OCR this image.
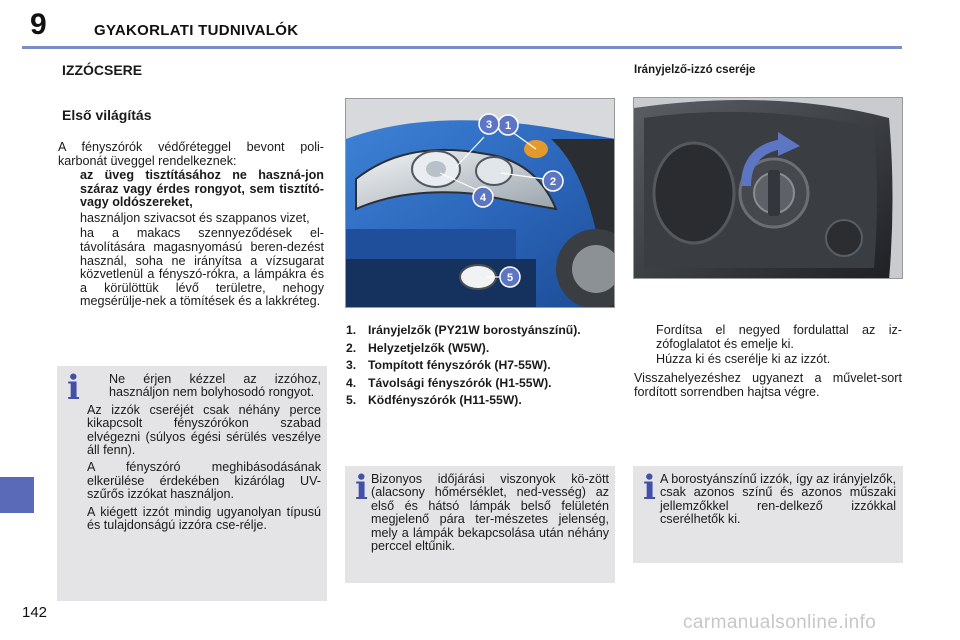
9	GYAKORLATI TUDNIVALÓK
IZZÓCSERE
Első világítás
A fényszórók védőréteggel bevont poli-karbonát üveggel rendelkeznek:
az üveg tisztításához ne haszná-jon száraz vagy érdes rongyot, sem tisztító- vagy oldószereket,
használjon szivacsot és szappanos vizet,
ha a makacs szennyeződések el-távolítására magasnyomású beren-dezést használ, soha ne irányítsa a vízsugarat közvetlenül a fényszó-rókra, a lámpákra és a körülöttük lévő területre, nehogy megsérülje-nek a tömítések és a lakkréteg.
i	Ne érjen kézzel az izzóhoz, használjon nem bolyhosodó rongyot.

Az izzók cseréjét csak néhány perce kikapcsolt fényszórókon szabad elvégezni (súlyos égési sérülés veszélye áll fenn).

A fényszóró meghibásodásának elkerülése érdekében kizárólag UV-szűrős izzókat használjon.

A kiégett izzót mindig ugyanolyan típusú és tulajdonságú izzóra cse-rélje.

1
2
3
4
5
1. Irányjelzők (PY21W borostyánszínű).
2. Helyzetjelzők (W5W).
3. Tompított fényszórók (H7-55W).
4. Távolsági fényszórók (H1-55W).
5. Ködfényszórók (H11-55W).
i Bizonyos időjárási viszonyok kö-zött (alacsony hőmérséklet, ned-vesség) az első és hátsó lámpák belső felületén megjelenő pára ter-mészetes jelenség, mely a lámpák bekapcsolása után néhány perccel eltűnik.
Irányjelző-izzó cseréje
Fordítsa el negyed fordulattal az iz-zófoglalatot és emelje ki.
Húzza ki és cserélje ki az izzót.
Visszahelyezéshez ugyanezt a művelet-sort fordított sorrendben hajtsa végre.
i A borostyánszínű izzók, így az irányjelzők, csak azonos színű és azonos műszaki jellemzőkkel ren-delkező izzókkal cserélhetők ki.
142	carmanualsonline.info
